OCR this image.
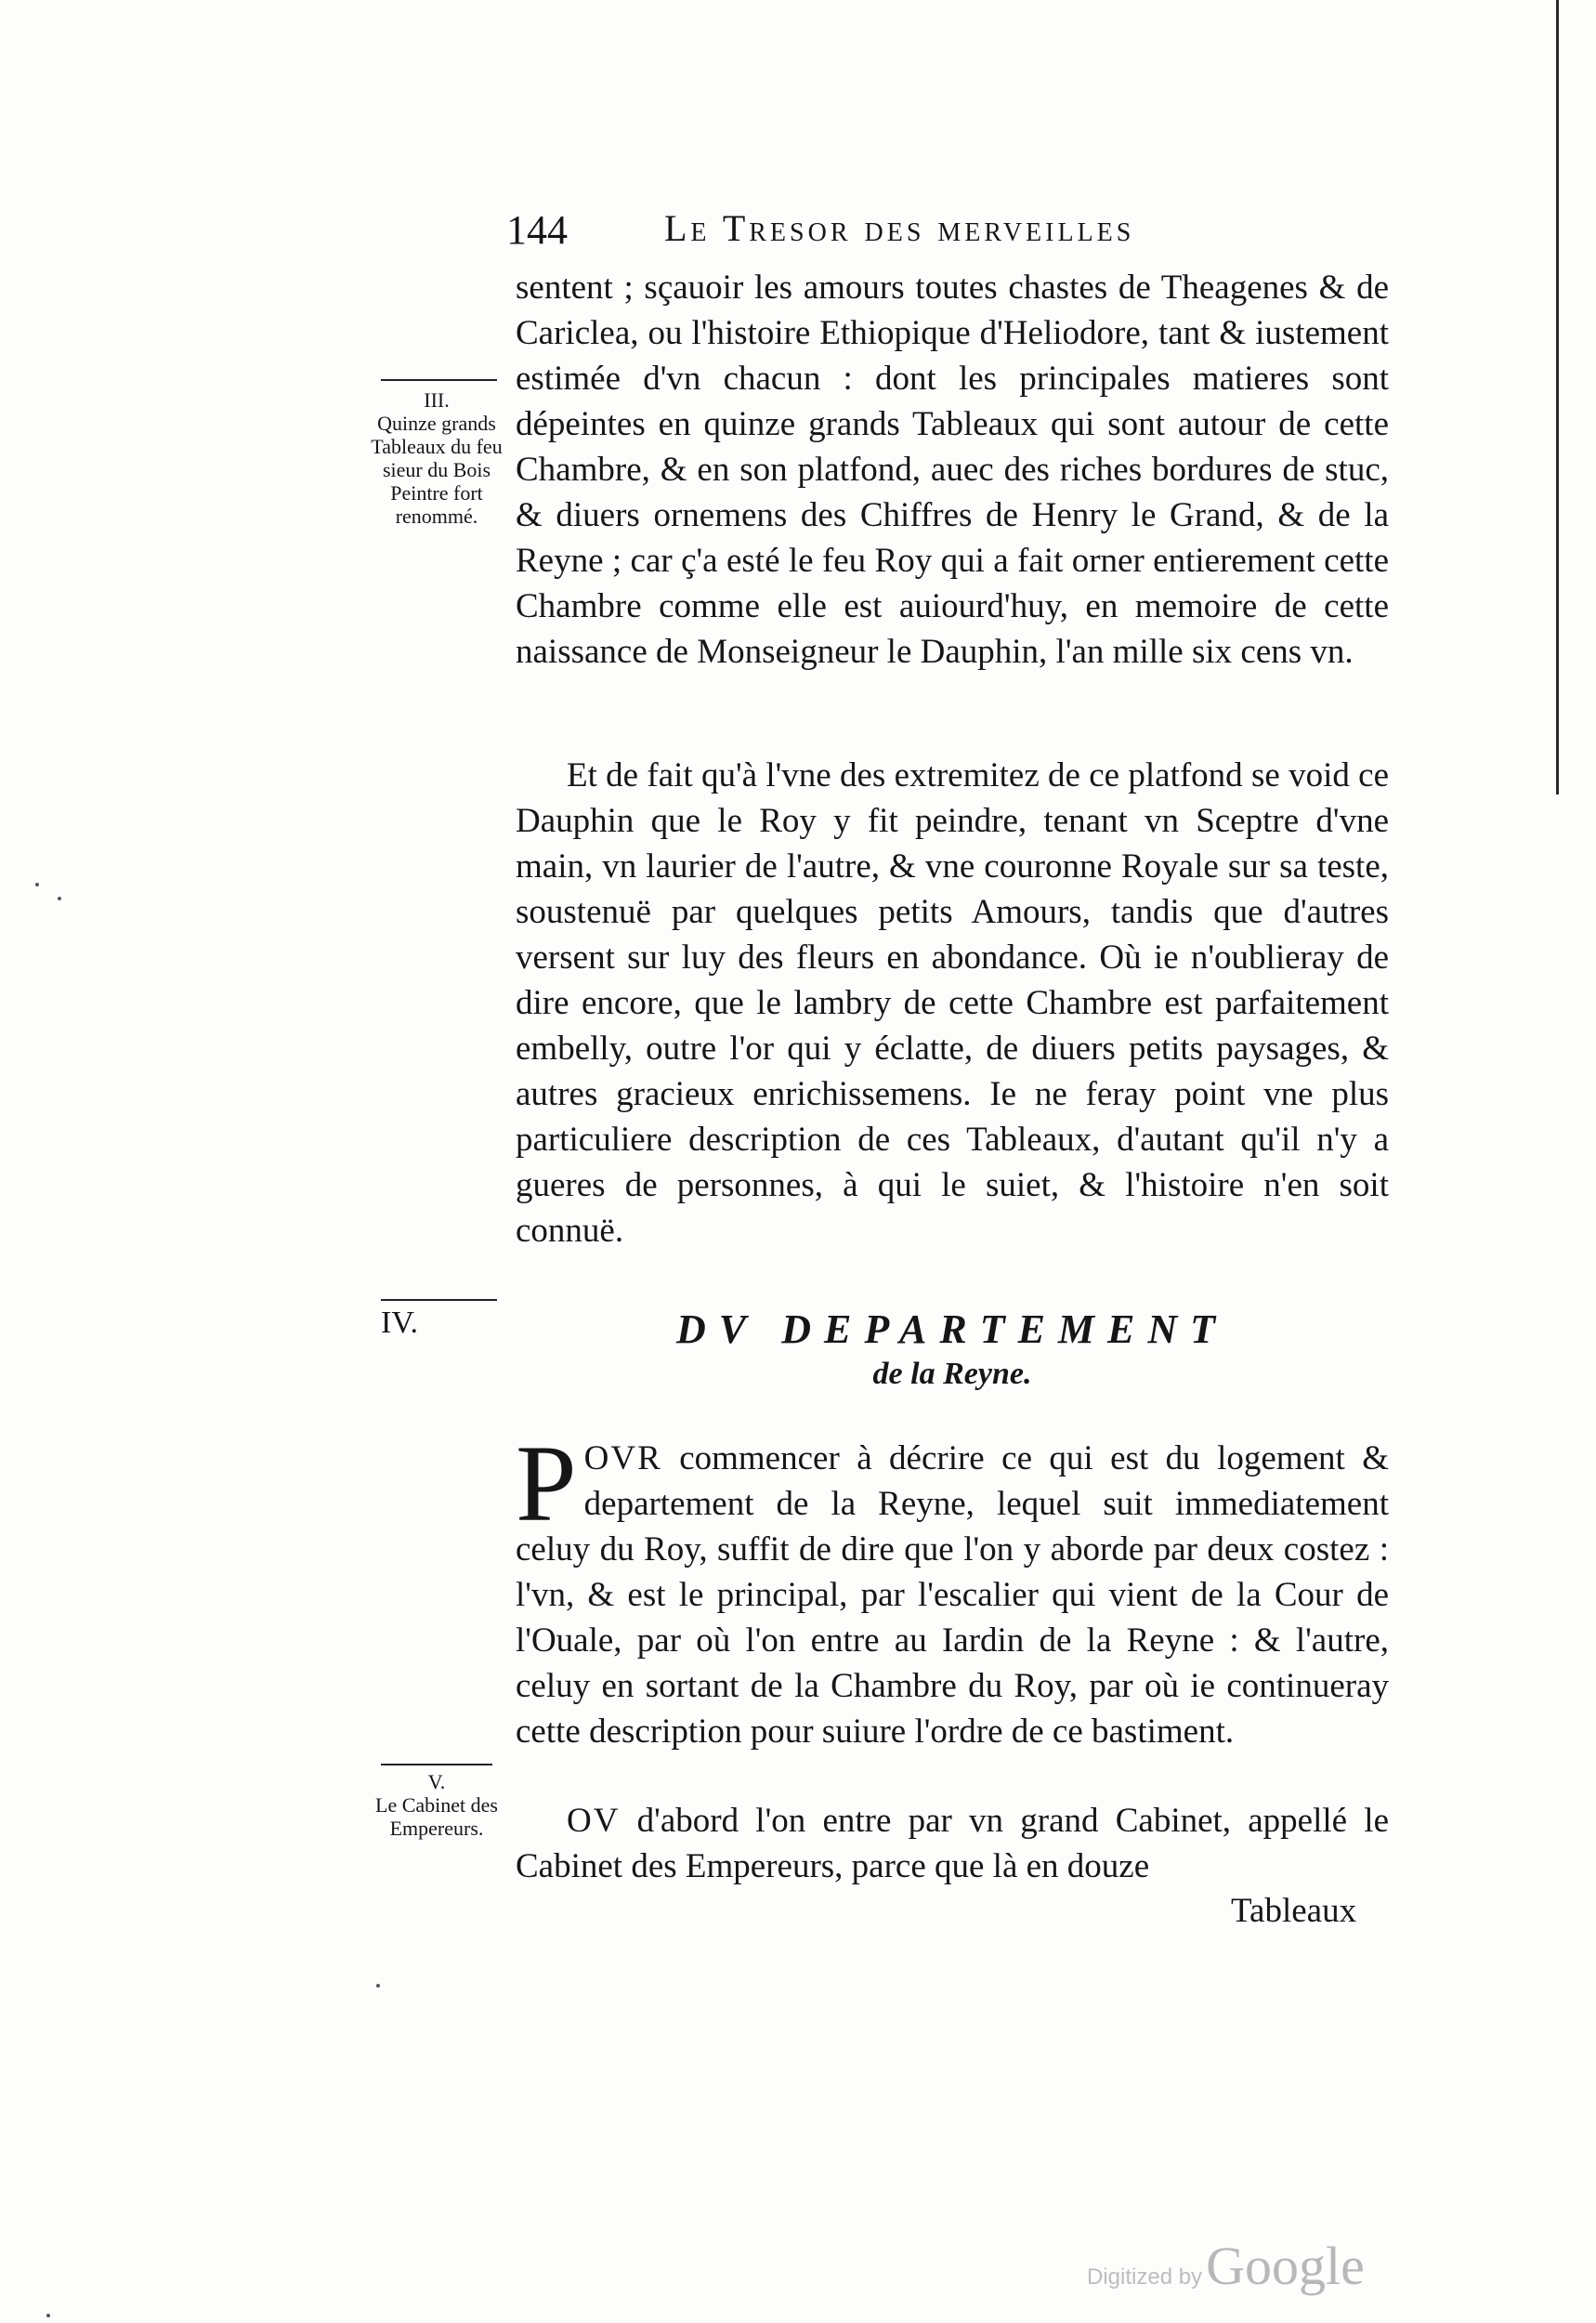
144	Le Tresor des merveilles
III.
Quinze grands Tableaux du feu sieur du Bois Peintre fort renommé.

sentent ; sçauoir les amours toutes chastes de Theagenes & de Cariclea, ou l'histoire Ethiopique d'Heliodore, tant & iustement estimée d'vn chacun : dont les principales matieres sont dépeintes en quinze grands Tableaux qui sont autour de cette Chambre, & en son platfond, auec des riches bordures de stuc, & diuers ornemens des Chiffres de Henry le Grand, & de la Reyne ; car ç'a esté le feu Roy qui a fait orner entierement cette Chambre comme elle est auiourd'huy, en memoire de cette naissance de Monseigneur le Dauphin, l'an mille six cens vn.

Et de fait qu'à l'vne des extremitez de ce platfond se void ce Dauphin que le Roy y fit peindre, tenant vn Sceptre d'vne main, vn laurier de l'autre, & vne couronne Royale sur sa teste, soustenuë par quelques petits Amours, tandis que d'autres versent sur luy des fleurs en abondance. Où ie n'oublieray de dire encore, que le lambry de cette Chambre est parfaitement embelly, outre l'or qui y éclatte, de diuers petits paysages, & autres gracieux enrichissemens. Ie ne feray point vne plus particuliere description de ces Tableaux, d'autant qu'il n'y a gueres de personnes, à qui le suiet, & l'histoire n'en soit connuë.

IV.	DV DEPARTEMENT
de la Reyne.

POVR commencer à décrire ce qui est du logement & departement de la Reyne, lequel suit immediatement celuy du Roy, suffit de dire que l'on y aborde par deux costez : l'vn, & est le principal, par l'escalier qui vient de la Cour de l'Ouale, par où l'on entre au Iardin de la Reyne : & l'autre, celuy en sortant de la Chambre du Roy, par où ie continueray cette description pour suiure l'ordre de ce bastiment.

V.
Le Cabinet des Empereurs.	OV d'abord l'on entre par vn grand Cabinet, appellé le Cabinet des Empereurs, parce que là en douze

Tableaux
Digitized by Google
